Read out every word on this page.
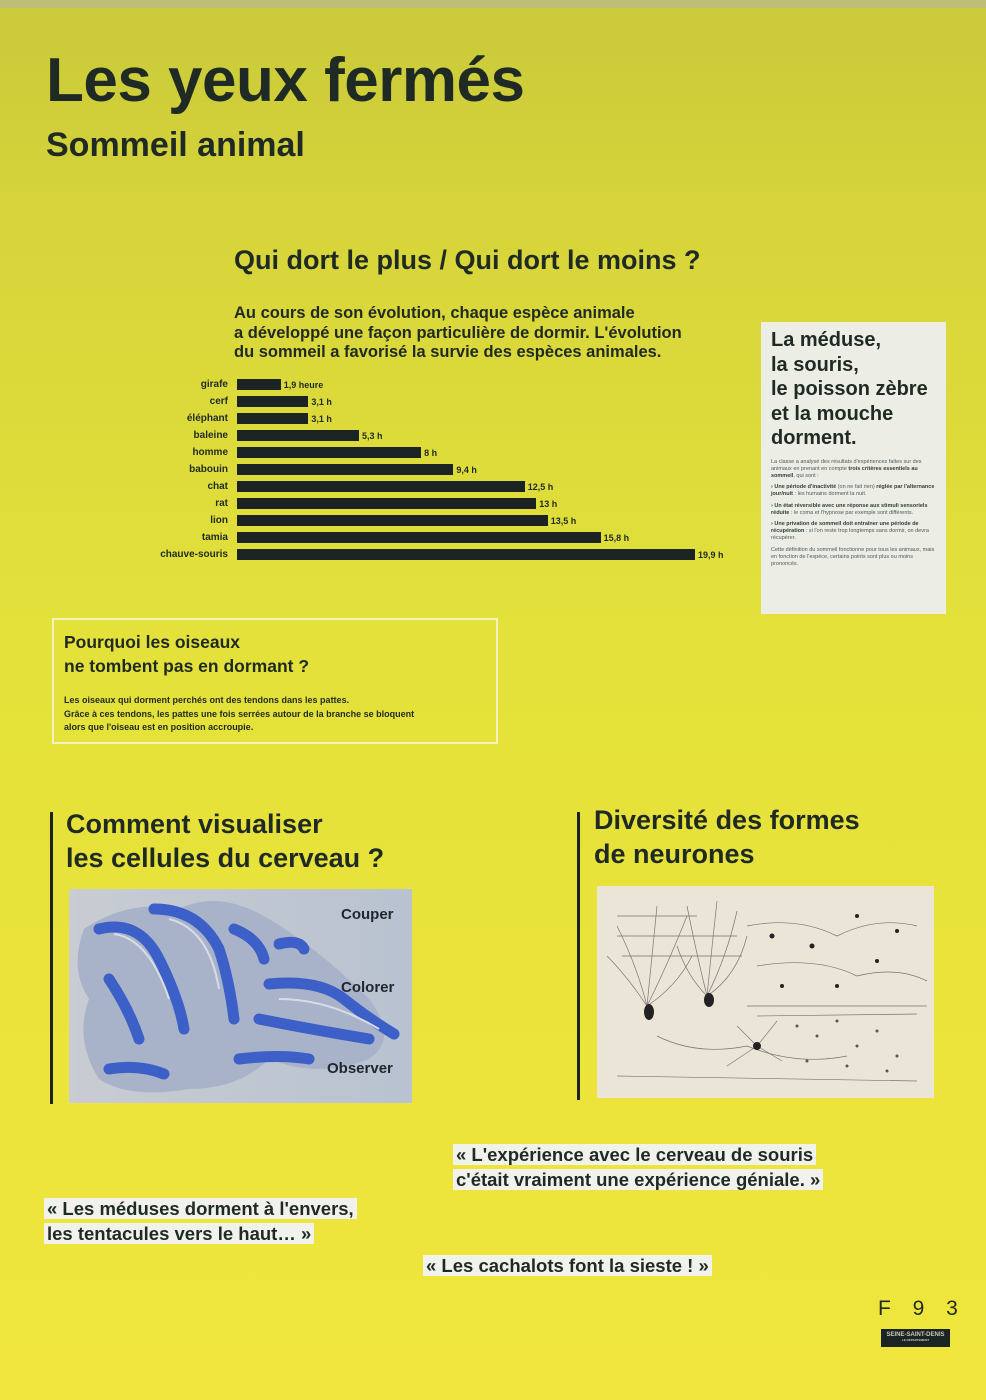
Les yeux fermés
Sommeil animal
Qui dort le plus / Qui dort le moins ?
Au cours de son évolution, chaque espèce animale
a développé une façon particulière de dormir. L'évolution
du sommeil a favorisé la survie des espèces animales.
girafe	1,9 heure
cerf	3,1 h
éléphant	3,1 h
baleine	5,3 h
homme	8 h
babouin	9,4 h
chat	12,5 h
rat	13 h
lion	13,5 h
tamia	15,8 h
chauve-souris	19,9 h
La méduse,
la souris,
le poisson zèbre
et la mouche
dorment.

La classe a analysé des résultats d'expériences faites sur des animaux en prenant en compte trois critères essentiels au sommeil, qui sont :

› Une période d'inactivité (on ne fait rien) réglée par l'alternance jour/nuit : les humains dorment la nuit.

› Un état réversible avec une réponse aux stimuli sensoriels réduite : le coma et l'hypnose par exemple sont différents.

› Une privation de sommeil doit entraîner une période de récupération : si l'on reste trop longtemps sans dormir, on devra récupérer.

Cette définition du sommeil fonctionne pour tous les animaux, mais en fonction de l'espèce, certains points sont plus ou moins prononcés.

Pourquoi les oiseaux
ne tombent pas en dormant ?
Les oiseaux qui dorment perchés ont des tendons dans les pattes.
Grâce à ces tendons, les pattes une fois serrées autour de la branche se bloquent
alors que l'oiseau est en position accroupie.
Comment visualiser
les cellules du cerveau ?
Couper
Colorer
Observer
Diversité des formes
de neurones
« L'expérience avec le cerveau de souris
c'était vraiment une expérience géniale. »
« Les méduses dorment à l'envers,
les tentacules vers le haut… »
« Les cachalots font la sieste ! »
F 9 3
SEINE-SAINT-DENIS
LE DÉPARTEMENT
